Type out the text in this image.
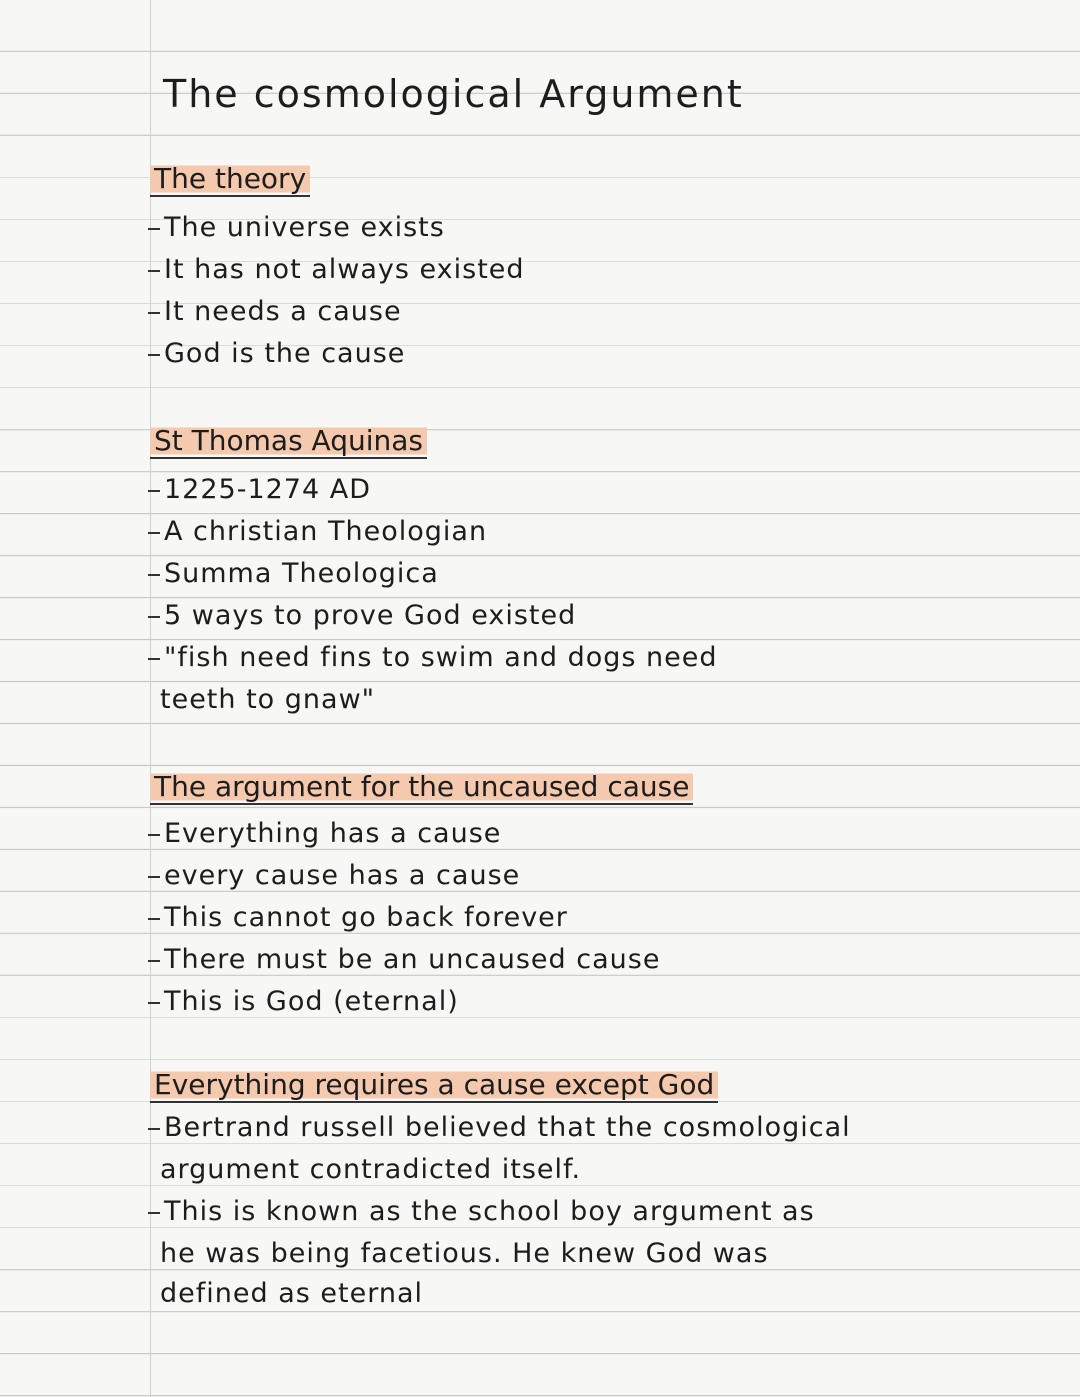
The cosmological Argument
The theory
The universe exists
It has not always existed
It needs a cause
God is the cause
St Thomas Aquinas
1225-1274 AD
A christian Theologian
Summa Theologica
5 ways to prove God existed
"fish need fins to swim and dogs need
teeth to gnaw"
The argument for the uncaused cause
Everything has a cause
every cause has a cause
This cannot go back forever
There must be an uncaused cause
This is God (eternal)
Everything requires a cause except God
Bertrand russell believed that the cosmological
argument contradicted itself.
This is known as the school boy argument as
he was being facetious. He knew God was
defined as eternal
